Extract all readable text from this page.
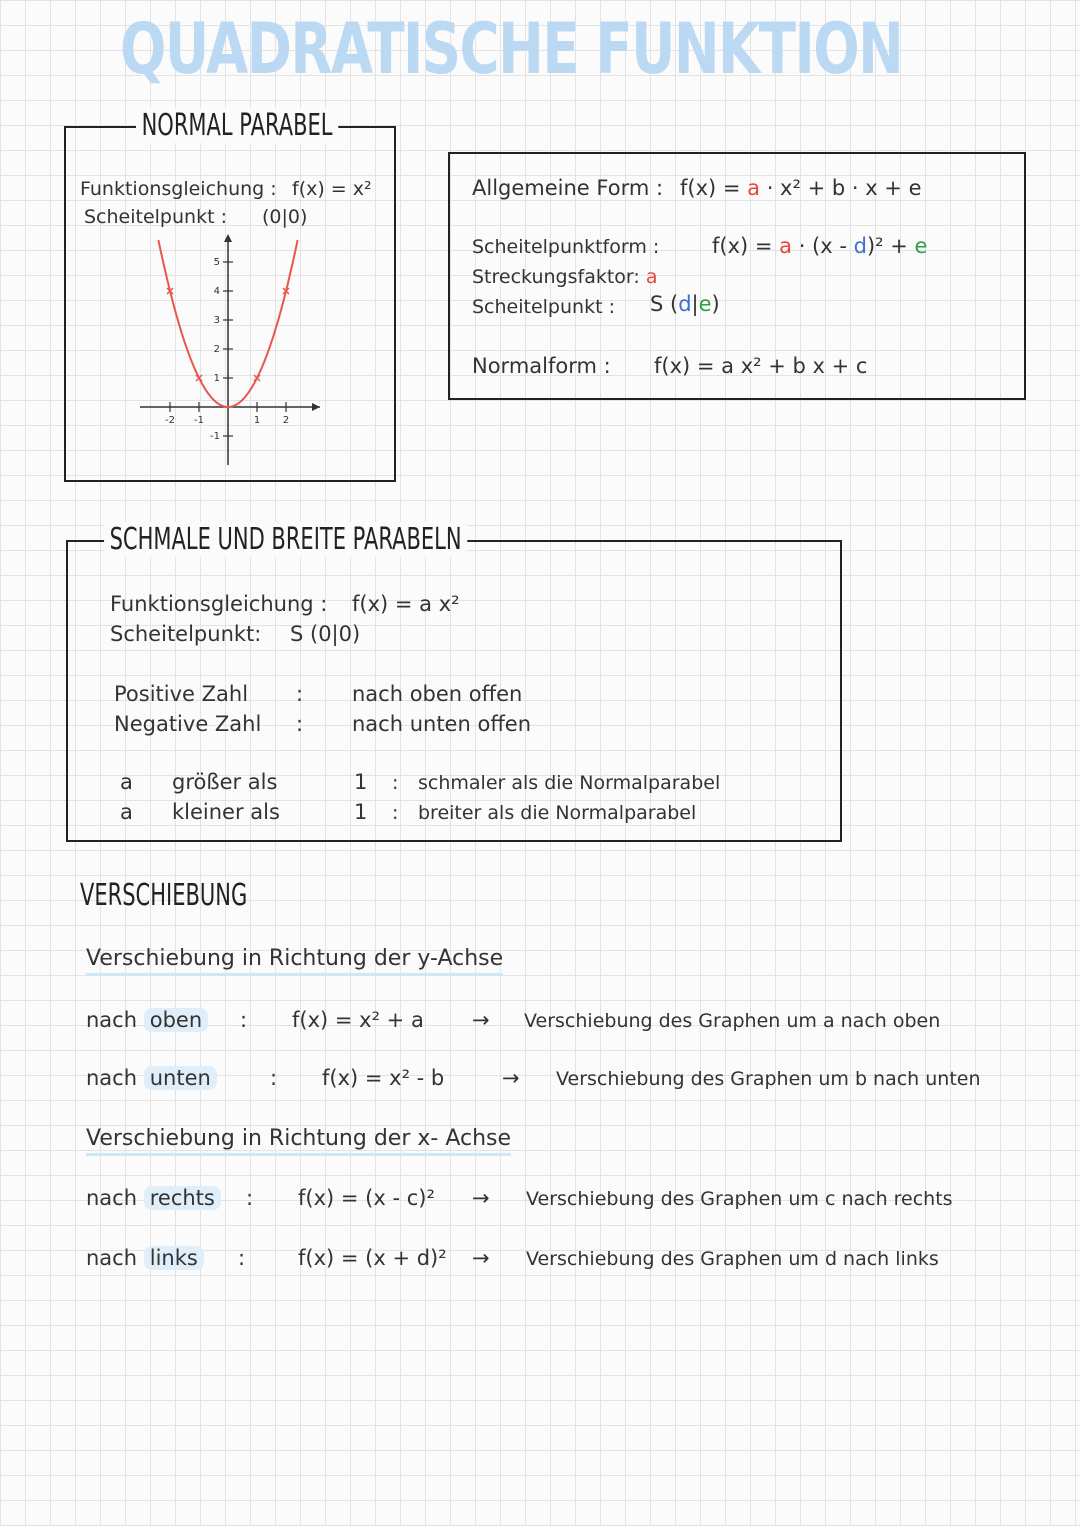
QUADRATISCHE FUNKTION
NORMAL PARABEL
Funktionsgleichung : f(x) = x²
Scheitelpunkt : (0|0)
5
4
3
2
1
-1
-2 -1	1 2
Allgemeine Form : f(x) = a · x² + b · x + e
Scheitelpunktform :	f(x) = a · (x - d)² + e
Streckungsfaktor: a
Scheitelpunkt : S (d|e)
Normalform : f(x) = a x² + b x + c
SCHMALE UND BREITE PARABELN
Funktionsgleichung : f(x) = a x²
Scheitelpunkt: S (0|0)
Positive Zahl : nach oben offen
Negative Zahl : nach unten offen
a größer als	1 : schmaler als die Normalparabel
a kleiner als	1 : breiter als die Normalparabel
VERSCHIEBUNG
Verschiebung in Richtung der y-Achse
nach oben : f(x) = x² + a → Verschiebung des Graphen um a nach oben
nach unten	: f(x) = x² - b	→ Verschiebung des Graphen um b nach unten
Verschiebung in Richtung der x- Achse
nach rechts : f(x) = (x - c)² → Verschiebung des Graphen um c nach rechts
nach links :	f(x) = (x + d)² → Verschiebung des Graphen um d nach links
